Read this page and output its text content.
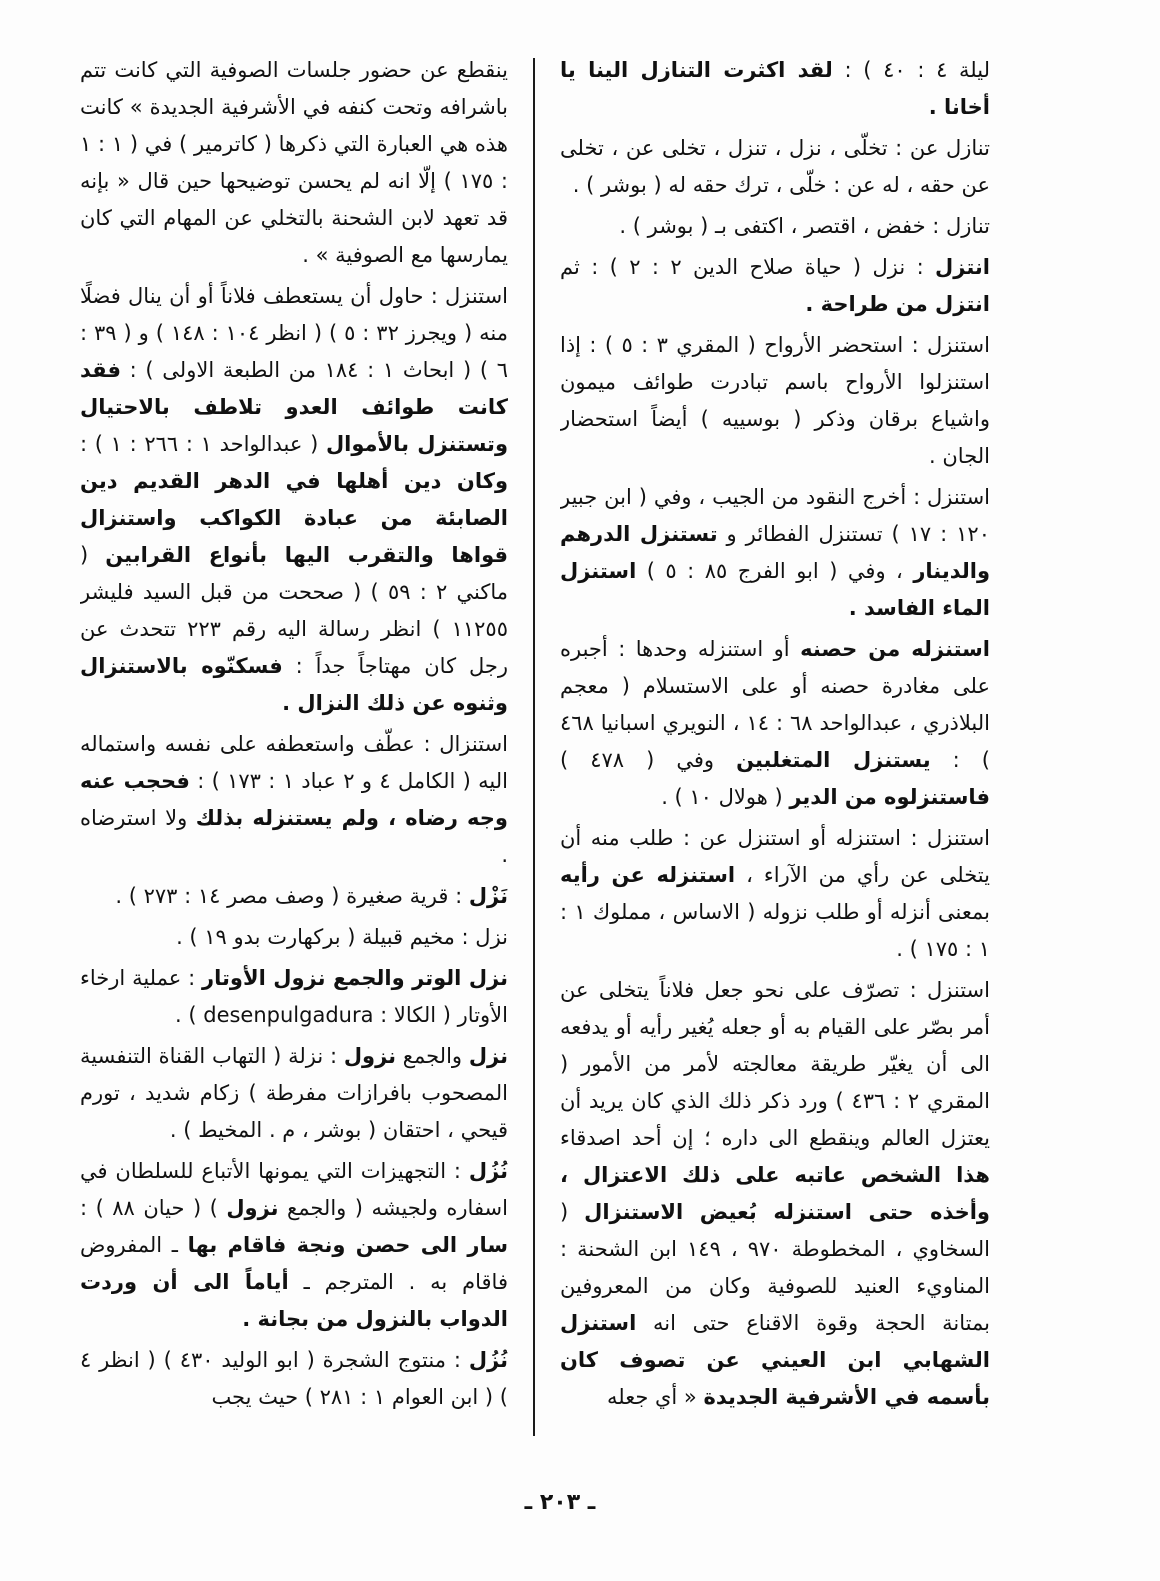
ليلة ٤ : ٤٠ ) : لقد اكثرت التنازل الينا يا أخانا .

تنازل عن : تخلّى ، نزل ، تنزل ، تخلى عن ، تخلى عن حقه ، له عن : خلّى ، ترك حقه له ( بوشر ) .

تنازل : خفض ، اقتصر ، اكتفى بـ ( بوشر ) .

انتزل : نزل ( حياة صلاح الدين ٢ : ٢ ) : ثم انتزل من طراحة .

استنزل : استحضر الأرواح ( المقري ٣ : ٥ ) : إذا استنزلوا الأرواح باسم تبادرت طوائف ميمون واشياع برقان وذكر ( بوسييه ) أيضاً استحضار الجان .

استنزل : أخرج النقود من الجيب ، وفي ( ابن جبير ١٢٠ : ١٧ ) تستنزل الفطائر و تستنزل الدرهم والدينار ، وفي ( ابو الفرج ٨٥ : ٥ ) استنزل الماء الفاسد .

استنزله من حصنه أو استنزله وحدها : أجبره على مغادرة حصنه أو على الاستسلام ( معجم البلاذري ، عبدالواحد ٦٨ : ١٤ ، النويري اسبانيا ٤٦٨ ) : يستنزل المتغلبين وفي ( ٤٧٨ ) فاستنزلوه من الدير ( هولال ١٠ ) .

استنزل : استنزله أو استنزل عن : طلب منه أن يتخلى عن رأي من الآراء ، استنزله عن رأيه بمعنى أنزله أو طلب نزوله ( الاساس ، مملوك ١ : ١ : ١٧٥ ) .

استنزل : تصرّف على نحو جعل فلاناً يتخلى عن أمر بصّر على القيام به أو جعله يُغير رأيه أو يدفعه الى أن يغيّر طريقة معالجته لأمر من الأمور ( المقري ٢ : ٤٣٦ ) ورد ذكر ذلك الذي كان يريد أن يعتزل العالم وينقطع الى داره ؛ إن أحد اصدقاء هذا الشخص عاتبه على ذلك الاعتزال ، وأخذه حتى استنزله بُعيض الاستنزال ( السخاوي ، المخطوطة ٩٧٠ ، ١٤٩ ابن الشحنة : المناويء العنيد للصوفية وكان من المعروفين بمتانة الحجة وقوة الاقناع حتى انه استنزل الشهابي ابن العيني عن تصوف كان بأسمه في الأشرفية الجديدة « أي جعله

ينقطع عن حضور جلسات الصوفية التي كانت تتم باشرافه وتحت كنفه في الأشرفية الجديدة » كانت هذه هي العبارة التي ذكرها ( كاترمير ) في ( ١ : ١ : ١٧٥ ) إلّا انه لم يحسن توضيحها حين قال « بإنه قد تعهد لابن الشحنة بالتخلي عن المهام التي كان يمارسها مع الصوفية » .

استنزل : حاول أن يستعطف فلاناً أو أن ينال فضلًا منه ( ويجرز ٣٢ : ٥ ) ( انظر ١٠٤ : ١٤٨ ) و ( ٣٩ : ٦ ) ( ابحاث ١ : ١٨٤ من الطبعة الاولى ) : فقد كانت طوائف العدو تلاطف بالاحتيال وتستنزل بالأموال ( عبدالواحد ١ : ٢٦٦ : ١ ) : وكان دين أهلها في الدهر القديم دين الصابئة من عبادة الكواكب واستنزال قواها والتقرب اليها بأنواع القرابين ( ماكني ٢ : ٥٩ ) ( صححت من قبل السيد فليشر ١١٢٥٥ ) انظر رسالة اليه رقم ٢٢٣ تتحدث عن رجل كان مهتاجاً جداً : فسكنّوه بالاستنزال وثنوه عن ذلك النزال .

استنزال : عطّف واستعطفه على نفسه واستماله اليه ( الكامل ٤ و ٢ عباد ١ : ١٧٣ ) : فحجب عنه وجه رضاه ، ولم يستنزله بذلك ولا استرضاه .

نَزْل : قرية صغيرة ( وصف مصر ١٤ : ٢٧٣ ) .

نزل : مخيم قبيلة ( بركهارت بدو ١٩ ) .

نزل الوتر والجمع نزول الأوتار : عملية ارخاء الأوتار ( الكالا : desenpulgadura ) .

نزل والجمع نزول : نزلة ( التهاب القناة التنفسية المصحوب بافرازات مفرطة ) زكام شديد ، تورم قيحي ، احتقان ( بوشر ، م . المخيط ) .

نُزُل : التجهيزات التي يمونها الأتباع للسلطان في اسفاره ولجيشه ( والجمع نزول ) ( حيان ٨٨ ) : سار الى حصن ونجة فاقام بها ـ المفروض فاقام به . المترجم ـ أياماً الى أن وردت الدواب بالنزول من بجانة .

نُزُل : منتوج الشجرة ( ابو الوليد ٤٣٠ ) ( انظر ٤ ) ( ابن العوام ١ : ٢٨١ ) حيث يجب

ـ ٢٠٣ ـ
